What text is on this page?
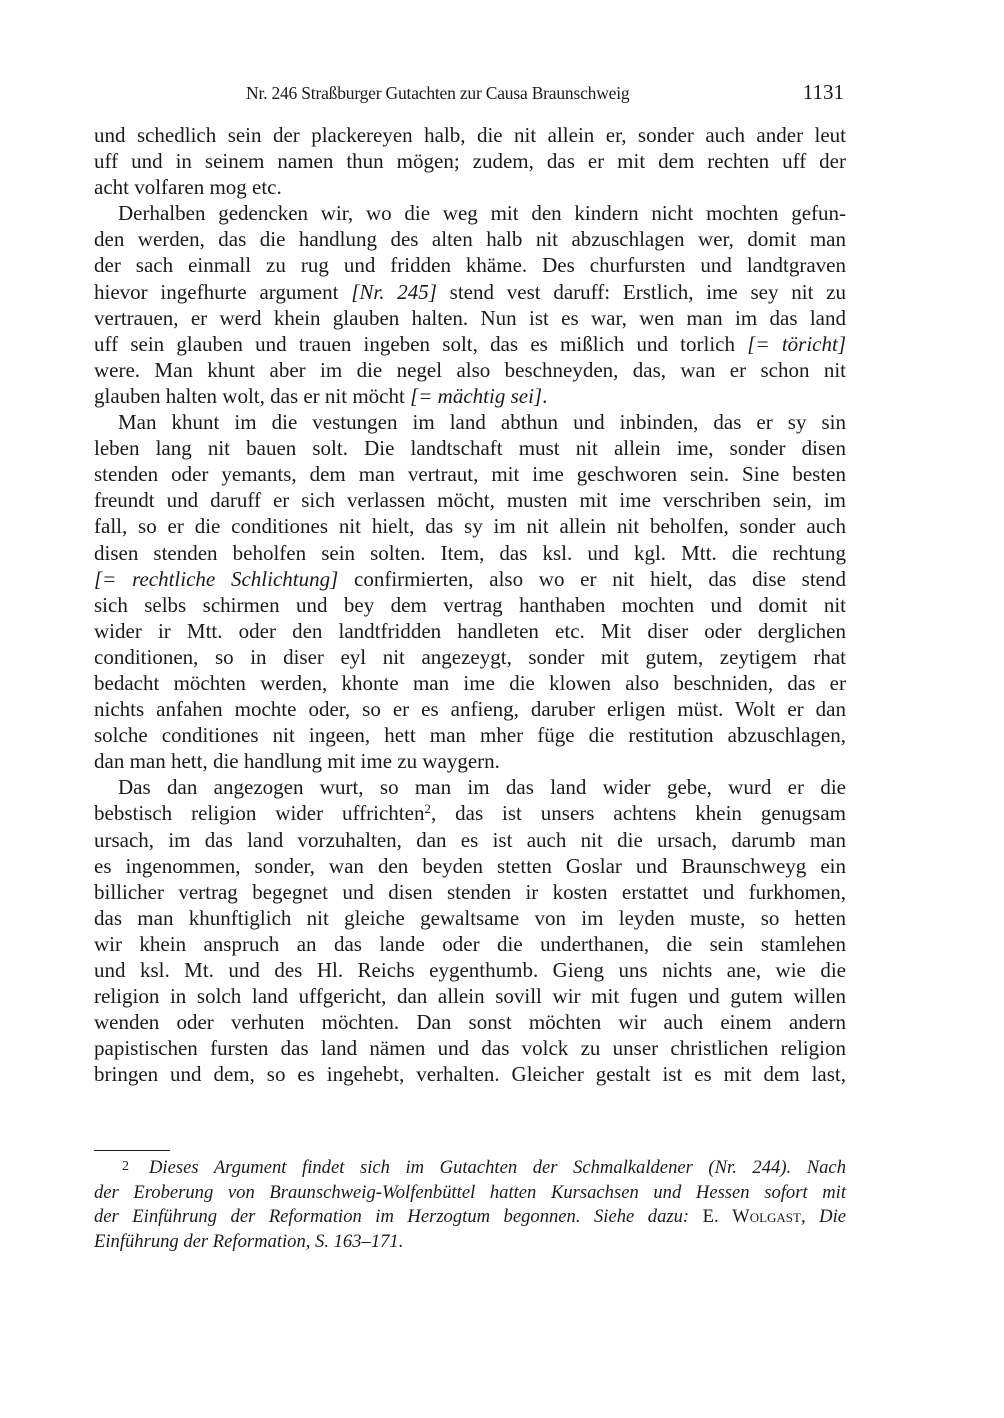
Nr. 246 Straßburger Gutachten zur Causa Braunschweig	1131

und schedlich sein der plackereyen halb, die nit allein er, sonder auch ander leut
uff und in seinem namen thun mögen; zudem, das er mit dem rechten uff der
acht volfaren mog etc.

Derhalben gedencken wir, wo die weg mit den kindern nicht mochten gefun-
den werden, das die handlung des alten halb nit abzuschlagen wer, domit man
der sach einmall zu rug und fridden khäme. Des churfursten und landtgraven
hievor ingefhurte argument [Nr. 245] stend vest daruff: Erstlich, ime sey nit zu
vertrauen, er werd khein glauben halten. Nun ist es war, wen man im das land
uff sein glauben und trauen ingeben solt, das es mißlich und torlich [= töricht]
were. Man khunt aber im die negel also beschneyden, das, wan er schon nit
glauben halten wolt, das er nit möcht [= mächtig sei].

Man khunt im die vestungen im land abthun und inbinden, das er sy sin
leben lang nit bauen solt. Die landtschaft must nit allein ime, sonder disen
stenden oder yemants, dem man vertraut, mit ime geschworen sein. Sine besten
freundt und daruff er sich verlassen möcht, musten mit ime verschriben sein, im
fall, so er die conditiones nit hielt, das sy im nit allein nit beholfen, sonder auch
disen stenden beholfen sein solten. Item, das ksl. und kgl. Mtt. die rechtung
[= rechtliche Schlichtung] confirmierten, also wo er nit hielt, das dise stend
sich selbs schirmen und bey dem vertrag hanthaben mochten und domit nit
wider ir Mtt. oder den landtfridden handleten etc. Mit diser oder derglichen
conditionen, so in diser eyl nit angezeygt, sonder mit gutem, zeytigem rhat
bedacht möchten werden, khonte man ime die klowen also beschniden, das er
nichts anfahen mochte oder, so er es anfieng, daruber erligen müst. Wolt er dan
solche conditiones nit ingeen, hett man mher füge die restitution abzuschlagen,
dan man hett, die handlung mit ime zu waygern.

Das dan angezogen wurt, so man im das land wider gebe, wurd er die
bebstisch religion wider uffrichten$^2$, das ist unsers achtens khein genugsam
ursach, im das land vorzuhalten, dan es ist auch nit die ursach, darumb man
es ingenommen, sonder, wan den beyden stetten Goslar und Braunschweyg ein
billicher vertrag begegnet und disen stenden ir kosten erstattet und furkhomen,
das man khunftiglich nit gleiche gewaltsame von im leyden muste, so hetten
wir khein anspruch an das lande oder die underthanen, die sein stamlehen
und ksl. Mt. und des Hl. Reichs eygenthumb. Gieng uns nichts ane, wie die
religion in solch land uffgericht, dan allein sovill wir mit fugen und gutem willen
wenden oder verhuten möchten. Dan sonst möchten wir auch einem andern
papistischen fursten das land nämen und das volck zu unser christlichen religion
bringen und dem, so es ingehebt, verhalten. Gleicher gestalt ist es mit dem last,

2 Dieses Argument findet sich im Gutachten der Schmalkaldener (Nr. 244). Nach
der Eroberung von Braunschweig-Wolfenbüttel hatten Kursachsen und Hessen sofort mit
der Einführung der Reformation im Herzogtum begonnen. Siehe dazu: E. Wolgast, Die
Einführung der Reformation, S. 163–171.
